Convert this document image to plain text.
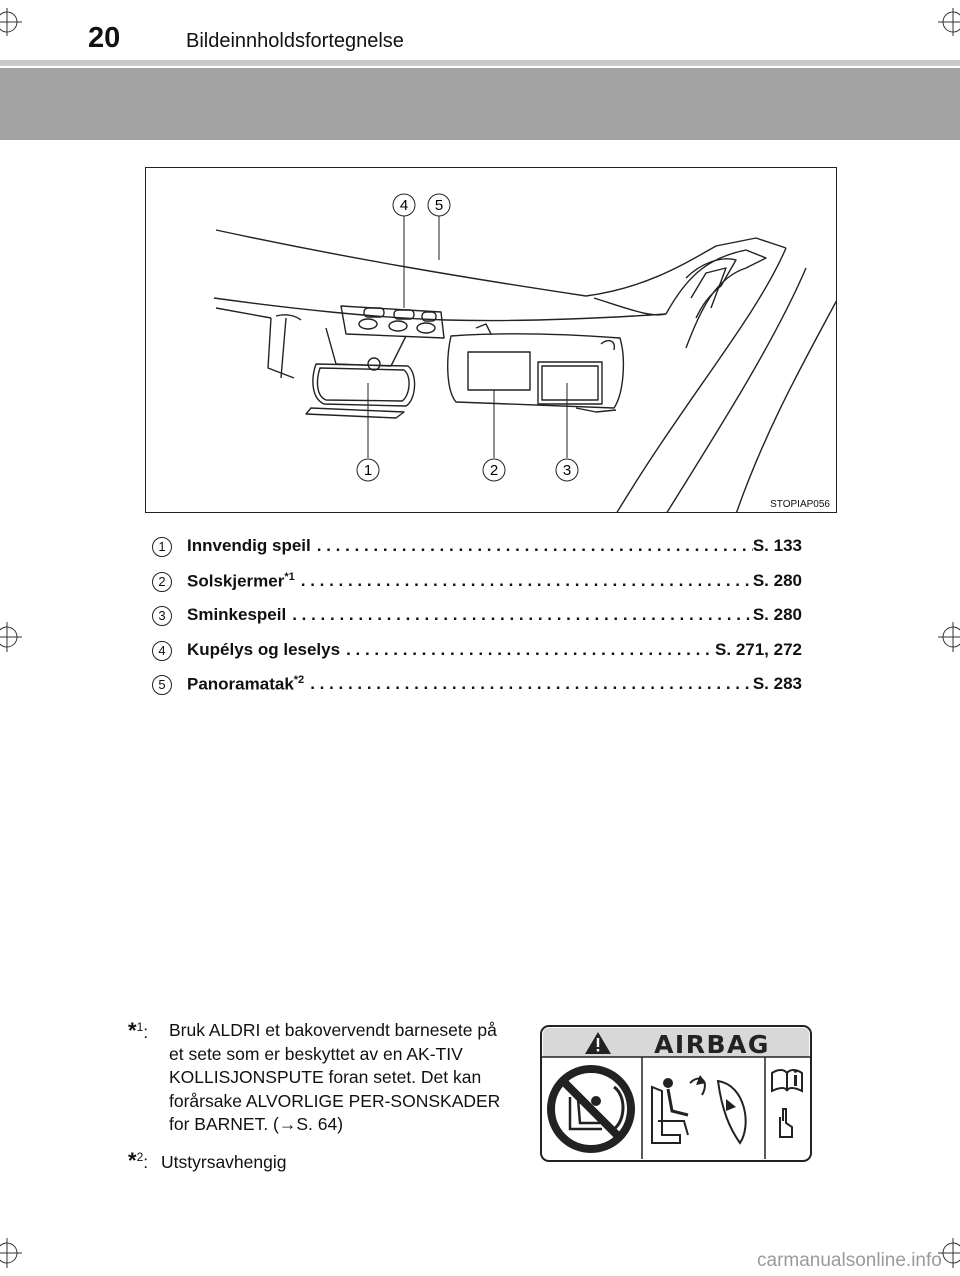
20	Bildeinnholdsfortegnelse
4 5
1	2	3
STOPIAP056
1	Innvendig speil . . .	S. 133
2	Solskjermer$^{*1}$ . . .	S. 280
3	Sminkespeil . . .	S. 280
4	Kupélys og leselys . . .	S. 271, 272
5	Panoramatak$^{*2}$ . . .	S. 283
*$^1$: Bruk ALDRI et bakovervendt barnesete på et sete som er beskyttet av en AK-TIV KOLLISJONSPUTE foran setet. Det kan forårsake ALVORLIGE PER-SONSKADER for BARNET. (→S. 64)
*$^2$: Utstyrsavhengig
AIRBAG
carmanualsonline.info
